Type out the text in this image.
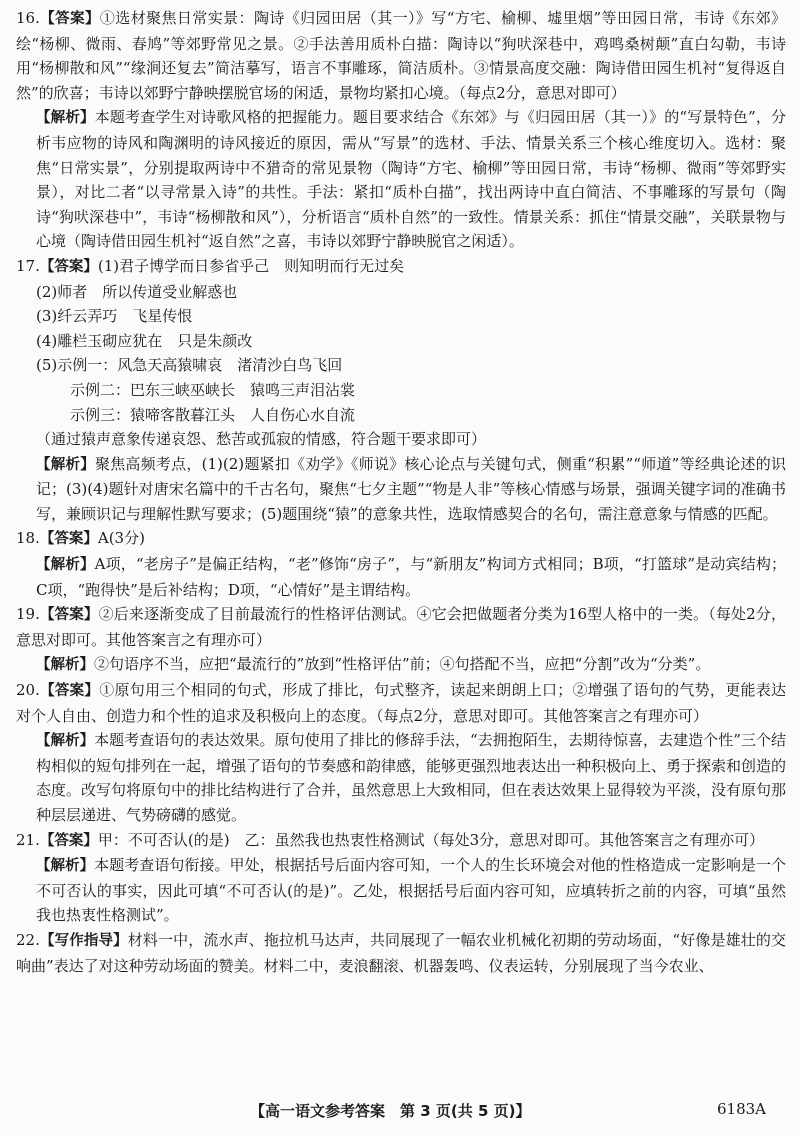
16.【答案】①选材聚焦日常实景：陶诗《归园田居（其一）》写“方宅、榆柳、墟里烟”等田园日常，韦诗《东郊》绘“杨柳、微雨、春鸠”等郊野常见之景。②手法善用质朴白描：陶诗以“狗吠深巷中，鸡鸣桑树颠”直白勾勒，韦诗用“杨柳散和风”“缘涧还复去”简洁摹写，语言不事雕琢，简洁质朴。③情景高度交融：陶诗借田园生机衬“复得返自然”的欣喜；韦诗以郊野宁静映摆脱官场的闲适，景物均紧扣心境。（每点2分，意思对即可）

【解析】本题考查学生对诗歌风格的把握能力。题目要求结合《东郊》与《归园田居（其一）》的“写景特色”，分析韦应物的诗风和陶渊明的诗风接近的原因，需从“写景”的选材、手法、情景关系三个核心维度切入。选材：聚焦“日常实景”，分别提取两诗中不猎奇的常见景物（陶诗“方宅、榆柳”等田园日常，韦诗“杨柳、微雨”等郊野实景），对比二者“以寻常景入诗”的共性。手法：紧扣“质朴白描”，找出两诗中直白简洁、不事雕琢的写景句（陶诗“狗吠深巷中”，韦诗“杨柳散和风”），分析语言“质朴自然”的一致性。情景关系：抓住“情景交融”，关联景物与心境（陶诗借田园生机衬“返自然”之喜，韦诗以郊野宁静映脱官之闲适）。

17.【答案】(1)君子博学而日参省乎己　则知明而行无过矣

(2)师者　所以传道受业解惑也

(3)纤云弄巧　飞星传恨

(4)雕栏玉砌应犹在　只是朱颜改

(5)示例一：风急天高猿啸哀　渚清沙白鸟飞回

示例二：巴东三峡巫峡长　猿鸣三声泪沾裳

示例三：猿啼客散暮江头　人自伤心水自流

（通过猿声意象传递哀怨、愁苦或孤寂的情感，符合题干要求即可）

【解析】聚焦高频考点，(1)(2)题紧扣《劝学》《师说》核心论点与关键句式，侧重“积累”“师道”等经典论述的识记；(3)(4)题针对唐宋名篇中的千古名句，聚焦“七夕主题”“物是人非”等核心情感与场景，强调关键字词的准确书写，兼顾识记与理解性默写要求；(5)题围绕“猿”的意象共性，选取情感契合的名句，需注意意象与情感的匹配。

18.【答案】A(3分)

【解析】A项，“老房子”是偏正结构，“老”修饰“房子”，与“新朋友”构词方式相同；B项，“打篮球”是动宾结构；C项，“跑得快”是后补结构；D项，“心情好”是主谓结构。

19.【答案】②后来逐渐变成了目前最流行的性格评估测试。④它会把做题者分类为16型人格中的一类。（每处2分，意思对即可。其他答案言之有理亦可）

【解析】②句语序不当，应把“最流行的”放到“性格评估”前；④句搭配不当，应把“分割”改为“分类”。

20.【答案】①原句用三个相同的句式，形成了排比，句式整齐，读起来朗朗上口；②增强了语句的气势，更能表达对个人自由、创造力和个性的追求及积极向上的态度。（每点2分，意思对即可。其他答案言之有理亦可）

【解析】本题考查语句的表达效果。原句使用了排比的修辞手法，“去拥抱陌生，去期待惊喜，去建造个性”三个结构相似的短句排列在一起，增强了语句的节奏感和韵律感，能够更强烈地表达出一种积极向上、勇于探索和创造的态度。改写句将原句中的排比结构进行了合并，虽然意思上大致相同，但在表达效果上显得较为平淡，没有原句那种层层递进、气势磅礴的感觉。

21.【答案】甲：不可否认(的是)　乙：虽然我也热衷性格测试（每处3分，意思对即可。其他答案言之有理亦可）

【解析】本题考查语句衔接。甲处，根据括号后面内容可知，一个人的生长环境会对他的性格造成一定影响是一个不可否认的事实，因此可填“不可否认(的是)”。乙处，根据括号后面内容可知，应填转折之前的内容，可填“虽然我也热衷性格测试”。

22.【写作指导】材料一中，流水声、拖拉机马达声，共同展现了一幅农业机械化初期的劳动场面，“好像是雄壮的交响曲”表达了对这种劳动场面的赞美。材料二中，麦浪翻滚、机器轰鸣、仪表运转，分别展现了当今农业、

【高一语文参考答案　第 3 页(共 5 页)】	6183A
